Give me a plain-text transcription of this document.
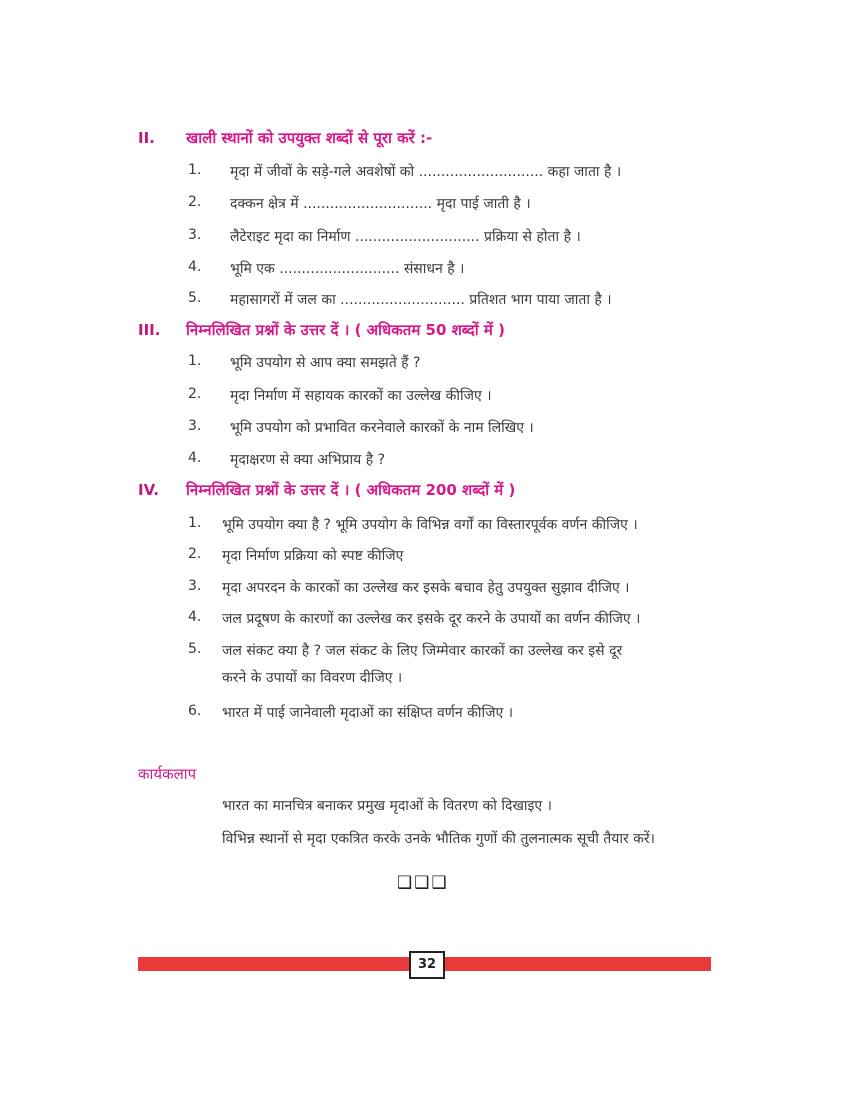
II. खाली स्थानों को उपयुक्त शब्दों से पूरा करें :-
1. मृदा में जीवों के सड़े-गले अवशेषों को ............................ कहा जाता है ।
2. दक्कन क्षेत्र में ............................. मृदा पाई जाती है ।
3. लैटेराइट मृदा का निर्माण ............................ प्रक्रिया से होता है ।
4. भूमि एक ........................... संसाधन है ।
5. महासागरों में जल का ............................ प्रतिशत भाग पाया जाता है ।
III. निम्नलिखित प्रश्नों के उत्तर दें । ( अधिकतम 50 शब्दों में )
1. भूमि उपयोग से आप क्या समझते हैं ?
2. मृदा निर्माण में सहायक कारकों का उल्लेख कीजिए ।
3. भूमि उपयोग को प्रभावित करनेवाले कारकों के नाम लिखिए ।
4. मृदाक्षरण से क्या अभिप्राय है ?
IV. निम्नलिखित प्रश्नों के उत्तर दें । ( अधिकतम 200 शब्दों में )
1. भूमि उपयोग क्या है ? भूमि उपयोग के विभिन्न वर्गों का विस्तारपूर्वक वर्णन कीजिए ।
2. मृदा निर्माण प्रक्रिया को स्पष्ट कीजिए
3. मृदा अपरदन के कारकों का उल्लेख कर इसके बचाव हेतु उपयुक्त सुझाव दीजिए ।
4. जल प्रदूषण के कारणों का उल्लेख कर इसके दूर करने के उपायों का वर्णन कीजिए ।
5. जल संकट क्या है ? जल संकट के लिए जिम्मेवार कारकों का उल्लेख कर इसे दूर
करने के उपायों का विवरण दीजिए ।
6. भारत में पाई जानेवाली मृदाओं का संक्षिप्त वर्णन कीजिए ।
कार्यकलाप
भारत का मानचित्र बनाकर प्रमुख मृदाओं के वितरण को दिखाइए ।
विभिन्न स्थानों से मृदा एकत्रित करके उनके भौतिक गुणों की तुलनात्मक सूची तैयार करें।
❑❑❑
32
